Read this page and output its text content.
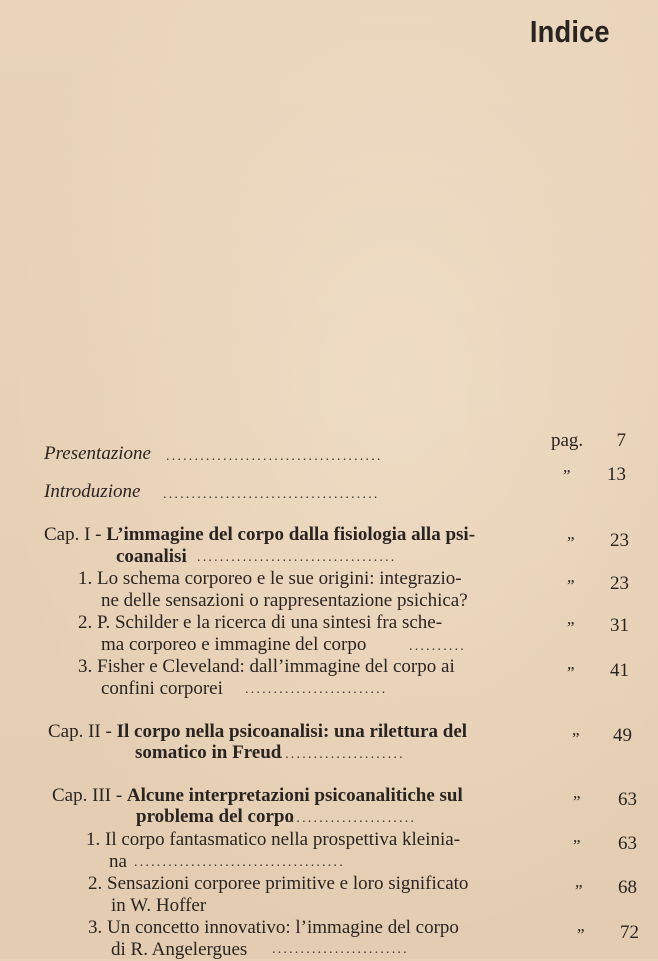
Indice
Presentazione ......................................
pag.	7
Introduzione ......................................
”	13
Cap. I - L’immagine del corpo dalla fisiologia alla psi-
coanalisi ...................................
”	23
1. Lo schema corporeo e le sue origini: integrazio-
ne delle sensazioni o rappresentazione psichica?
”	23
2. P. Schilder e la ricerca di una sintesi fra sche-
ma corporeo e immagine del corpo	..........
”	31
3. Fisher e Cleveland: dall’immagine del corpo ai
confini corporei .........................
”	41
Cap. II - Il corpo nella psicoanalisi: una rilettura del
somatico in Freud
........................
”	49
Cap. III - Alcune interpretazioni psicoanalitiche sul
problema del corpo
.......................
”	63
1. Il corpo fantasmatico nella prospettiva kleinia-
na .....................................
”	63
2. Sensazioni corporee primitive e loro significato
in W. Hoffer
”	68
3. Un concetto innovativo: l’immagine del corpo
di R. Angelergues ........................
”	72
